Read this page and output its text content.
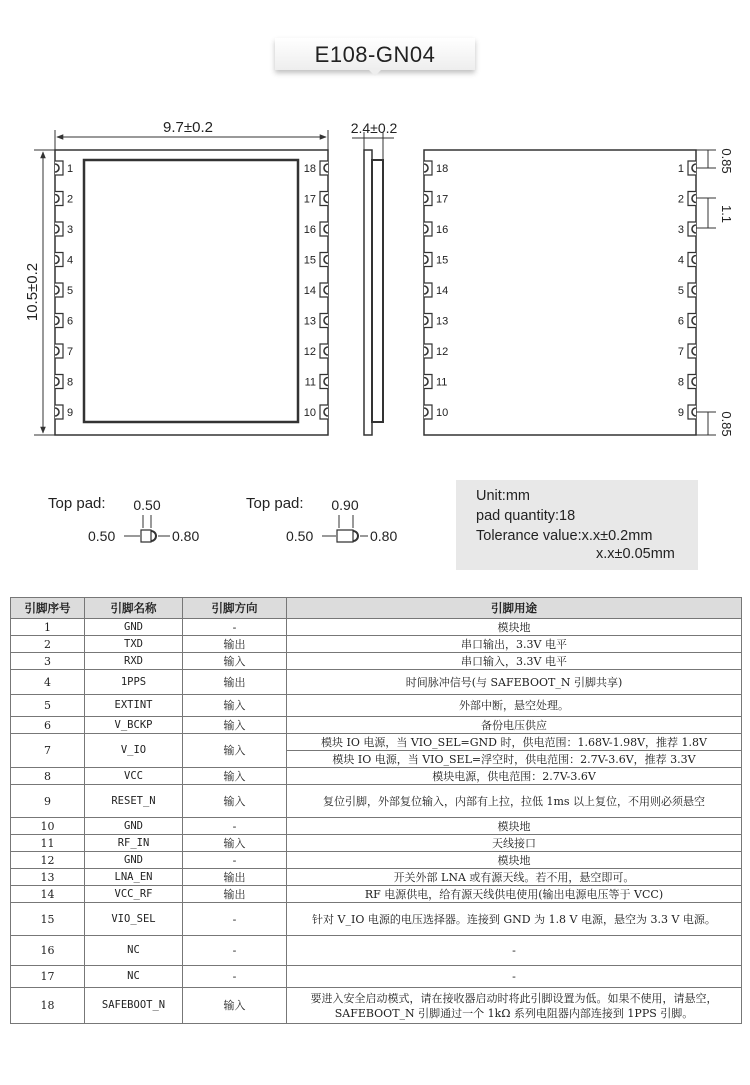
E108-GN04
1
2
3
4
5
6
7
8
9
18
17
16
15
14
13
12
11
10
9.7±0.2
10.5±0.2
2.4±0.2
18
17
16
15
14
13
12
11
10
1
2
3
4
5
6
7
8
9
0.85
1.1
0.85
Top pad: 0.50
0.50	0.80
Top pad: 0.90
0.50	0.80
Unit:mm
pad quantity:18
Tolerance value:x.x±0.2mm
x.x±0.05mm
引脚序号	引脚名称	引脚方向	引脚用途
1	GND	-	模块地
2	TXD	输出	串口输出，3.3V 电平
3	RXD	输入	串口输入，3.3V 电平
4	1PPS	输出	时间脉冲信号(与 SAFEBOOT_N 引脚共享)
5	EXTINT	输入	外部中断，悬空处理。
6	V_BCKP	输入	备份电压供应
7	V_IO	输入	模块 IO 电源，当 VIO_SEL=GND 时，供电范围：1.68V-1.98V，推荐 1.8V
			模块 IO 电源，当 VIO_SEL=浮空时，供电范围：2.7V-3.6V，推荐 3.3V
8	VCC	输入	模块电源，供电范围：2.7V-3.6V
9	RESET_N	输入	复位引脚，外部复位输入，内部有上拉，拉低 1ms 以上复位，不用则必须悬空
10	GND	-	模块地
11	RF_IN	输入	天线接口
12	GND	-	模块地
13	LNA_EN	输出	开关外部 LNA 或有源天线。若不用，悬空即可。
14	VCC_RF	输出	RF 电源供电，给有源天线供电使用(输出电源电压等于 VCC)
15	VIO_SEL	-	针对 V_IO 电源的电压选择器。连接到 GND 为 1.8 V 电源，悬空为 3.3 V 电源。
16	NC	-	-
17	NC	-	-
18	SAFEBOOT_N	输入	要进入安全启动模式，请在接收器启动时将此引脚设置为低。如果不使用，请悬空，SAFEBOOT_N 引脚通过一个 1kΩ 系列电阻器内部连接到 1PPS 引脚。
